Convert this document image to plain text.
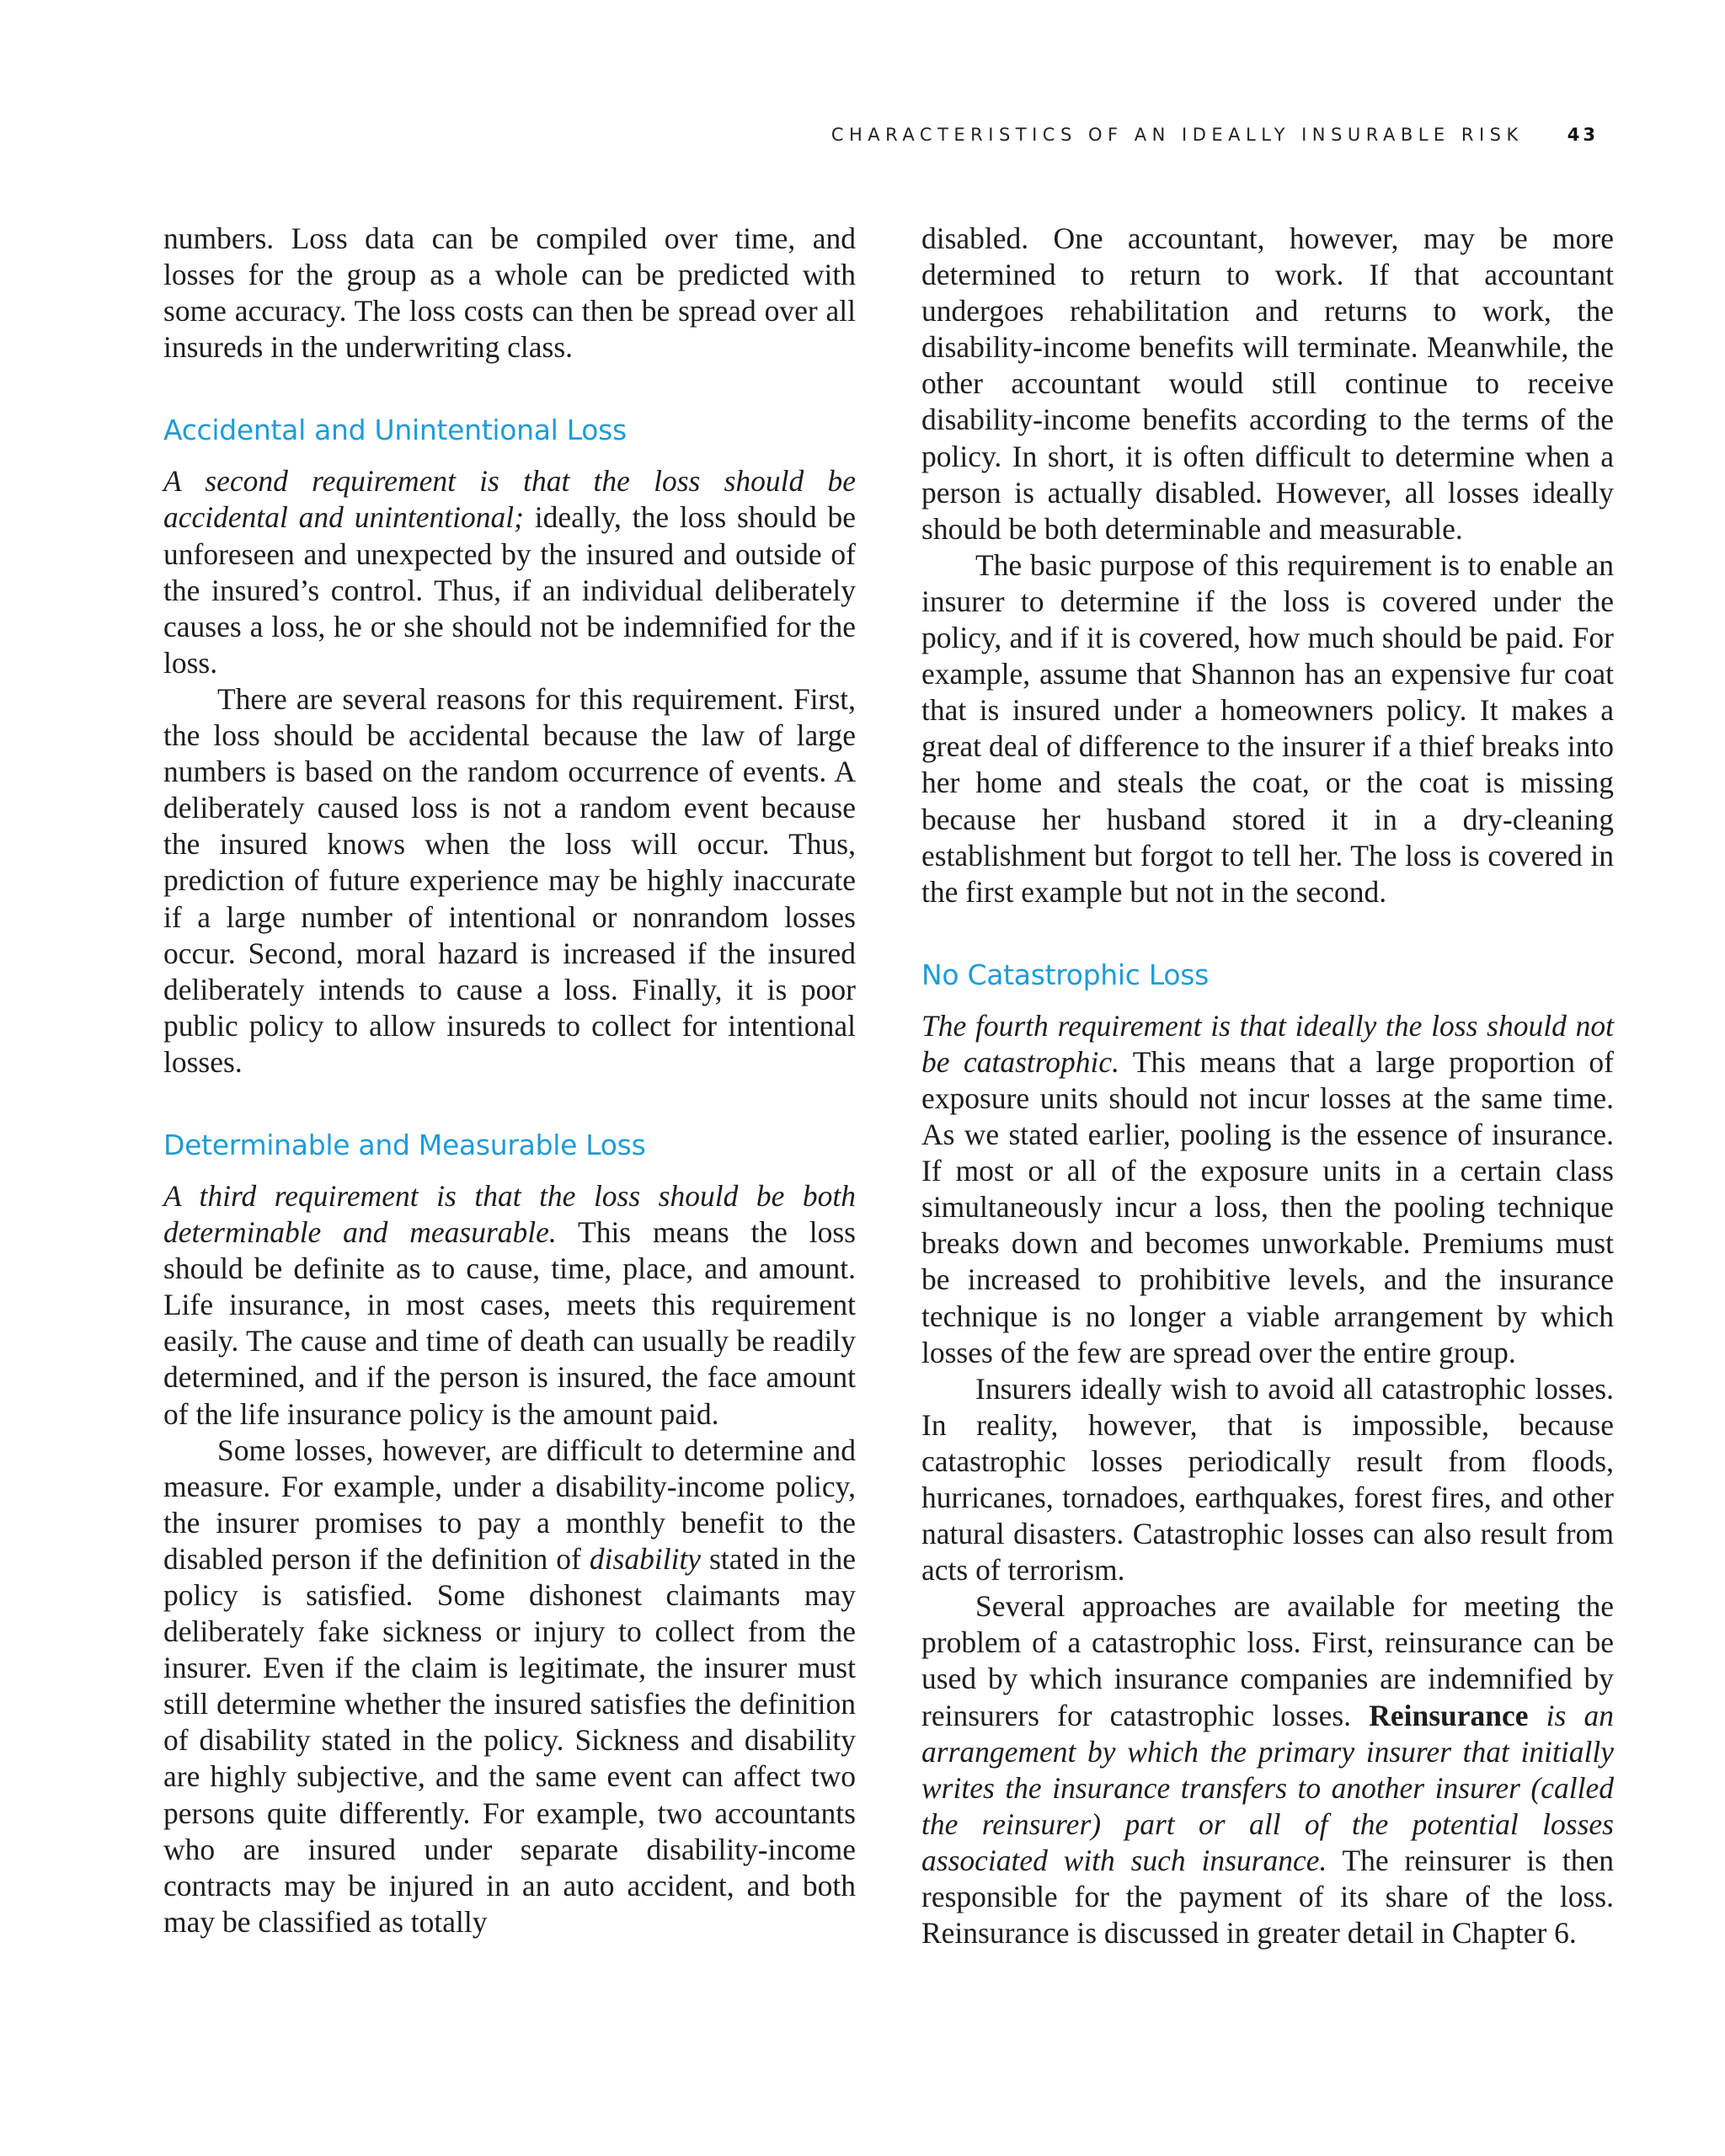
CHARACTERISTICS OF AN IDEALLY INSURABLE RISK 43

numbers. Loss data can be compiled over time, and losses for the group as a whole can be predicted with some accuracy. The loss costs can then be spread over all insureds in the underwriting class.

Accidental and Unintentional Loss

A second requirement is that the loss should be accidental and unintentional; ideally, the loss should be unforeseen and unexpected by the insured and outside of the insured’s control. Thus, if an individual deliberately causes a loss, he or she should not be indemnified for the loss.

There are several reasons for this requirement. First, the loss should be accidental because the law of large numbers is based on the random occurrence of events. A deliberately caused loss is not a random event because the insured knows when the loss will occur. Thus, prediction of future experience may be highly inaccurate if a large number of intentional or nonrandom losses occur. Second, moral hazard is increased if the insured deliberately intends to cause a loss. Finally, it is poor public policy to allow insureds to collect for intentional losses.

Determinable and Measurable Loss

A third requirement is that the loss should be both determinable and measurable. This means the loss should be definite as to cause, time, place, and amount. Life insurance, in most cases, meets this requirement easily. The cause and time of death can usually be readily determined, and if the person is insured, the face amount of the life insurance policy is the amount paid.

Some losses, however, are difficult to determine and measure. For example, under a disability-income policy, the insurer promises to pay a monthly benefit to the disabled person if the definition of disability stated in the policy is satisfied. Some dishonest claimants may deliberately fake sickness or injury to collect from the insurer. Even if the claim is legitimate, the insurer must still determine whether the insured satisfies the definition of disability stated in the policy. Sickness and disability are highly subjective, and the same event can affect two persons quite differently. For example, two accountants who are insured under separate disability-income contracts may be injured in an auto accident, and both may be classified as totally

disabled. One accountant, however, may be more determined to return to work. If that accountant undergoes rehabilitation and returns to work, the disability-income benefits will terminate. Meanwhile, the other accountant would still continue to receive disability-income benefits according to the terms of the policy. In short, it is often difficult to determine when a person is actually disabled. However, all losses ideally should be both determinable and measurable.

The basic purpose of this requirement is to enable an insurer to determine if the loss is covered under the policy, and if it is covered, how much should be paid. For example, assume that Shannon has an expensive fur coat that is insured under a homeowners policy. It makes a great deal of difference to the insurer if a thief breaks into her home and steals the coat, or the coat is missing because her husband stored it in a dry-cleaning establishment but forgot to tell her. The loss is covered in the first example but not in the second.

No Catastrophic Loss

The fourth requirement is that ideally the loss should not be catastrophic. This means that a large proportion of exposure units should not incur losses at the same time. As we stated earlier, pooling is the essence of insurance. If most or all of the exposure units in a certain class simultaneously incur a loss, then the pooling technique breaks down and becomes unworkable. Premiums must be increased to prohibitive levels, and the insurance technique is no longer a viable arrangement by which losses of the few are spread over the entire group.

Insurers ideally wish to avoid all catastrophic losses. In reality, however, that is impossible, because catastrophic losses periodically result from floods, hurricanes, tornadoes, earthquakes, forest fires, and other natural disasters. Catastrophic losses can also result from acts of terrorism.

Several approaches are available for meeting the problem of a catastrophic loss. First, reinsurance can be used by which insurance companies are indemnified by reinsurers for catastrophic losses. Reinsurance is an arrangement by which the primary insurer that initially writes the insurance transfers to another insurer (called the reinsurer) part or all of the potential losses associated with such insurance. The reinsurer is then responsible for the payment of its share of the loss. Reinsurance is discussed in greater detail in Chapter 6.
